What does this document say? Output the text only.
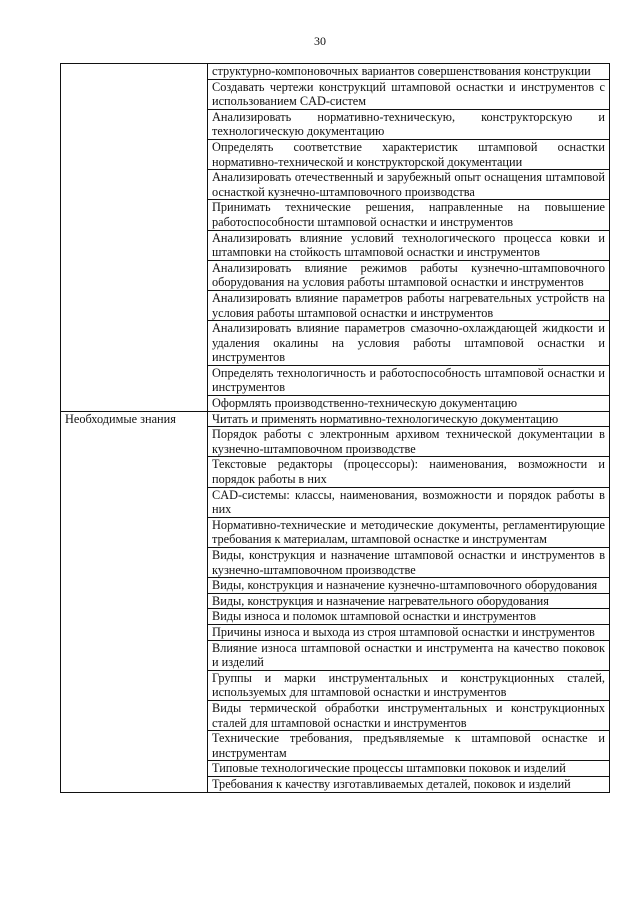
30
	структурно-компоновочных вариантов совершенствования конструкции
	Создавать чертежи конструкций штамповой оснастки и инструментов с использованием CAD-систем
	Анализировать нормативно-техническую, конструкторскую и технологическую документацию
	Определять соответствие характеристик штамповой оснастки нормативно-технической и конструкторской документации
	Анализировать отечественный и зарубежный опыт оснащения штамповой оснасткой кузнечно-штамповочного производства
	Принимать технические решения, направленные на повышение работоспособности штамповой оснастки и инструментов
	Анализировать влияние условий технологического процесса ковки и штамповки на стойкость штамповой оснастки и инструментов
	Анализировать влияние режимов работы кузнечно-штамповочного оборудования на условия работы штамповой оснастки и инструментов
	Анализировать влияние параметров работы нагревательных устройств на условия работы штамповой оснастки и инструментов
	Анализировать влияние параметров смазочно-охлаждающей жидкости и удаления окалины на условия работы штамповой оснастки и инструментов
	Определять технологичность и работоспособность штамповой оснастки и инструментов
	Оформлять производственно-техническую документацию
Необходимые знания	Читать и применять нормативно-технологическую документацию
	Порядок работы с электронным архивом технической документации в кузнечно-штамповочном производстве
	Текстовые редакторы (процессоры): наименования, возможности и порядок работы в них
	CAD-системы: классы, наименования, возможности и порядок работы в них
	Нормативно-технические и методические документы, регламентирующие требования к материалам, штамповой оснастке и инструментам
	Виды, конструкция и назначение штамповой оснастки и инструментов в кузнечно-штамповочном производстве
	Виды, конструкция и назначение кузнечно-штамповочного оборудования
	Виды, конструкция и назначение нагревательного оборудования
	Виды износа и поломок штамповой оснастки и инструментов
	Причины износа и выхода из строя штамповой оснастки и инструментов
	Влияние износа штамповой оснастки и инструмента на качество поковок и изделий
	Группы и марки инструментальных и конструкционных сталей, используемых для штамповой оснастки и инструментов
	Виды термической обработки инструментальных и конструкционных сталей для штамповой оснастки и инструментов
	Технические требования, предъявляемые к штамповой оснастке и инструментам
	Типовые технологические процессы штамповки поковок и изделий
	Требования к качеству изготавливаемых деталей, поковок и изделий
